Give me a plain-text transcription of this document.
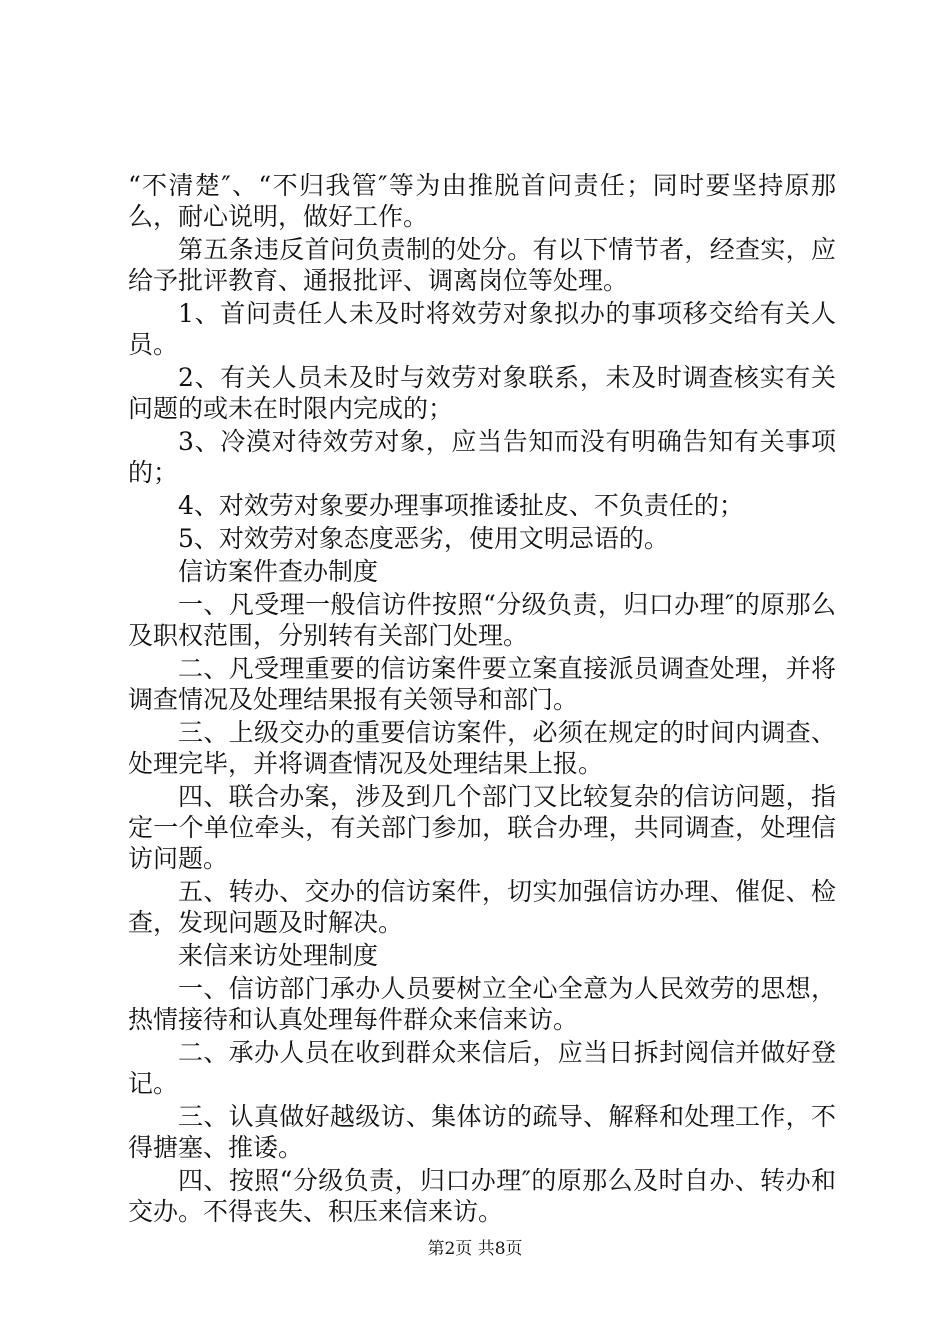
“不清楚″、“不归我管″等为由推脱首问责任；同时要坚持原那么，耐心说明，做好工作。

第五条违反首问负责制的处分。有以下情节者，经查实，应给予批评教育、通报批评、调离岗位等处理。

1、首问责任人未及时将效劳对象拟办的事项移交给有关人员。

2、有关人员未及时与效劳对象联系，未及时调查核实有关问题的或未在时限内完成的；

3、冷漠对待效劳对象，应当告知而没有明确告知有关事项的；

4、对效劳对象要办理事项推诿扯皮、不负责任的；

5、对效劳对象态度恶劣，使用文明忌语的。

信访案件查办制度

一、凡受理一般信访件按照“分级负责，归口办理″的原那么及职权范围，分别转有关部门处理。

二、凡受理重要的信访案件要立案直接派员调查处理，并将调查情况及处理结果报有关领导和部门。

三、上级交办的重要信访案件，必须在规定的时间内调查、处理完毕，并将调查情况及处理结果上报。

四、联合办案，涉及到几个部门又比较复杂的信访问题，指定一个单位牵头，有关部门参加，联合办理，共同调查，处理信访问题。

五、转办、交办的信访案件，切实加强信访办理、催促、检查，发现问题及时解决。

来信来访处理制度

一、信访部门承办人员要树立全心全意为人民效劳的思想，热情接待和认真处理每件群众来信来访。

二、承办人员在收到群众来信后，应当日拆封阅信并做好登记。

三、认真做好越级访、集体访的疏导、解释和处理工作，不得搪塞、推诿。

四、按照“分级负责，归口办理″的原那么及时自办、转办和交办。不得丧失、积压来信来访。

第2页 共8页
